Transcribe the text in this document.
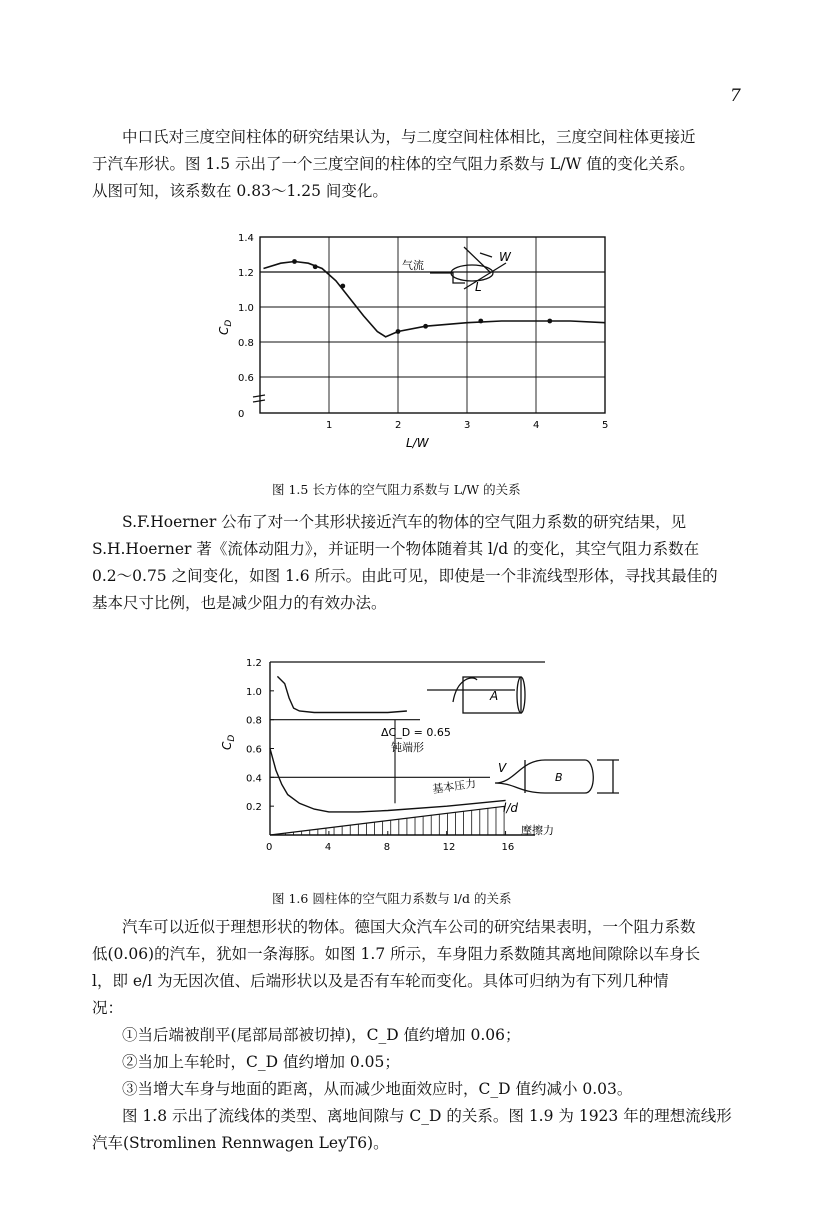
7
中口氏对三度空间柱体的研究结果认为，与二度空间柱体相比，三度空间柱体更接近
于汽车形状。图 1.5 示出了一个三度空间的柱体的空气阻力系数与 L/W 值的变化关系。
从图可知，该系数在 0.83～1.25 间变化。
1	2	3	4	5
0
0.6
0.8
1.0
1.2
1.4
气流
W
L
L/W
$C_D$
图 1.5 长方体的空气阻力系数与 L/W 的关系
S.F.Hoerner 公布了对一个其形状接近汽车的物体的空气阻力系数的研究结果，见
S.H.Hoerner 著《流体动阻力》，并证明一个物体随着其 l/d 的变化，其空气阻力系数在
0.2～0.75 之间变化，如图 1.6 所示。由此可见，即使是一个非流线型形体，寻找其最佳的
基本尺寸比例，也是减少阻力的有效办法。
0	4	8	12	16
0.2
0.4
0.6
0.8
1.0
1.2
A
B
V
ΔC_D = 0.65
钝端形
基本压力
l/d
摩擦力
$C_D$
图 1.6 圆柱体的空气阻力系数与 l/d 的关系
汽车可以近似于理想形状的物体。德国大众汽车公司的研究结果表明，一个阻力系数
低(0.06)的汽车，犹如一条海豚。如图 1.7 所示，车身阻力系数随其离地间隙除以车身长
l，即 e/l 为无因次值、后端形状以及是否有车轮而变化。具体可归纳为有下列几种情
况：
①当后端被削平(尾部局部被切掉)，C_D 值约增加 0.06；
②当加上车轮时，C_D 值约增加 0.05；
③当增大车身与地面的距离，从而减少地面效应时，C_D 值约减小 0.03。
图 1.8 示出了流线体的类型、离地间隙与 C_D 的关系。图 1.9 为 1923 年的理想流线形
汽车(Stromlinen Rennwagen LeyT6)。
